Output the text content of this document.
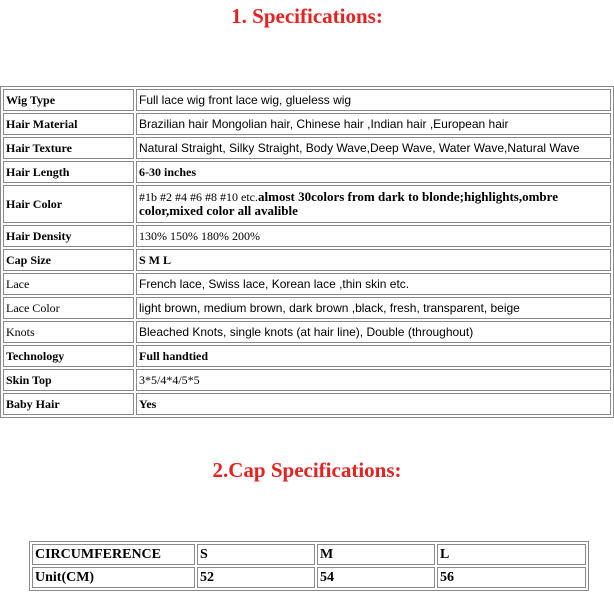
1. Specifications:
Wig Type	Full lace wig front lace wig, glueless wig
Hair Material	Brazilian hair Mongolian hair, Chinese hair ,Indian hair ,European hair
Hair Texture	Natural Straight, Silky Straight, Body Wave,Deep Wave, Water Wave,Natural Wave
Hair Length	6-30 inches
Hair Color	#1b #2 #4 #6 #8 #10 etc.almost 30colors from dark to blonde;highlights,ombre color,mixed color all avalible
Hair Density	130% 150% 180% 200%
Cap Size	S M L
Lace	French lace, Swiss lace, Korean lace ,thin skin etc.
Lace Color	light brown, medium brown, dark brown ,black, fresh, transparent, beige
Knots	Bleached Knots, single knots (at hair line), Double (throughout)
Technology	Full handtied
Skin Top	3*5/4*4/5*5
Baby Hair	Yes
2.Cap Specifications:
CIRCUMFERENCE	S	M	L
Unit(CM)	52	54	56
